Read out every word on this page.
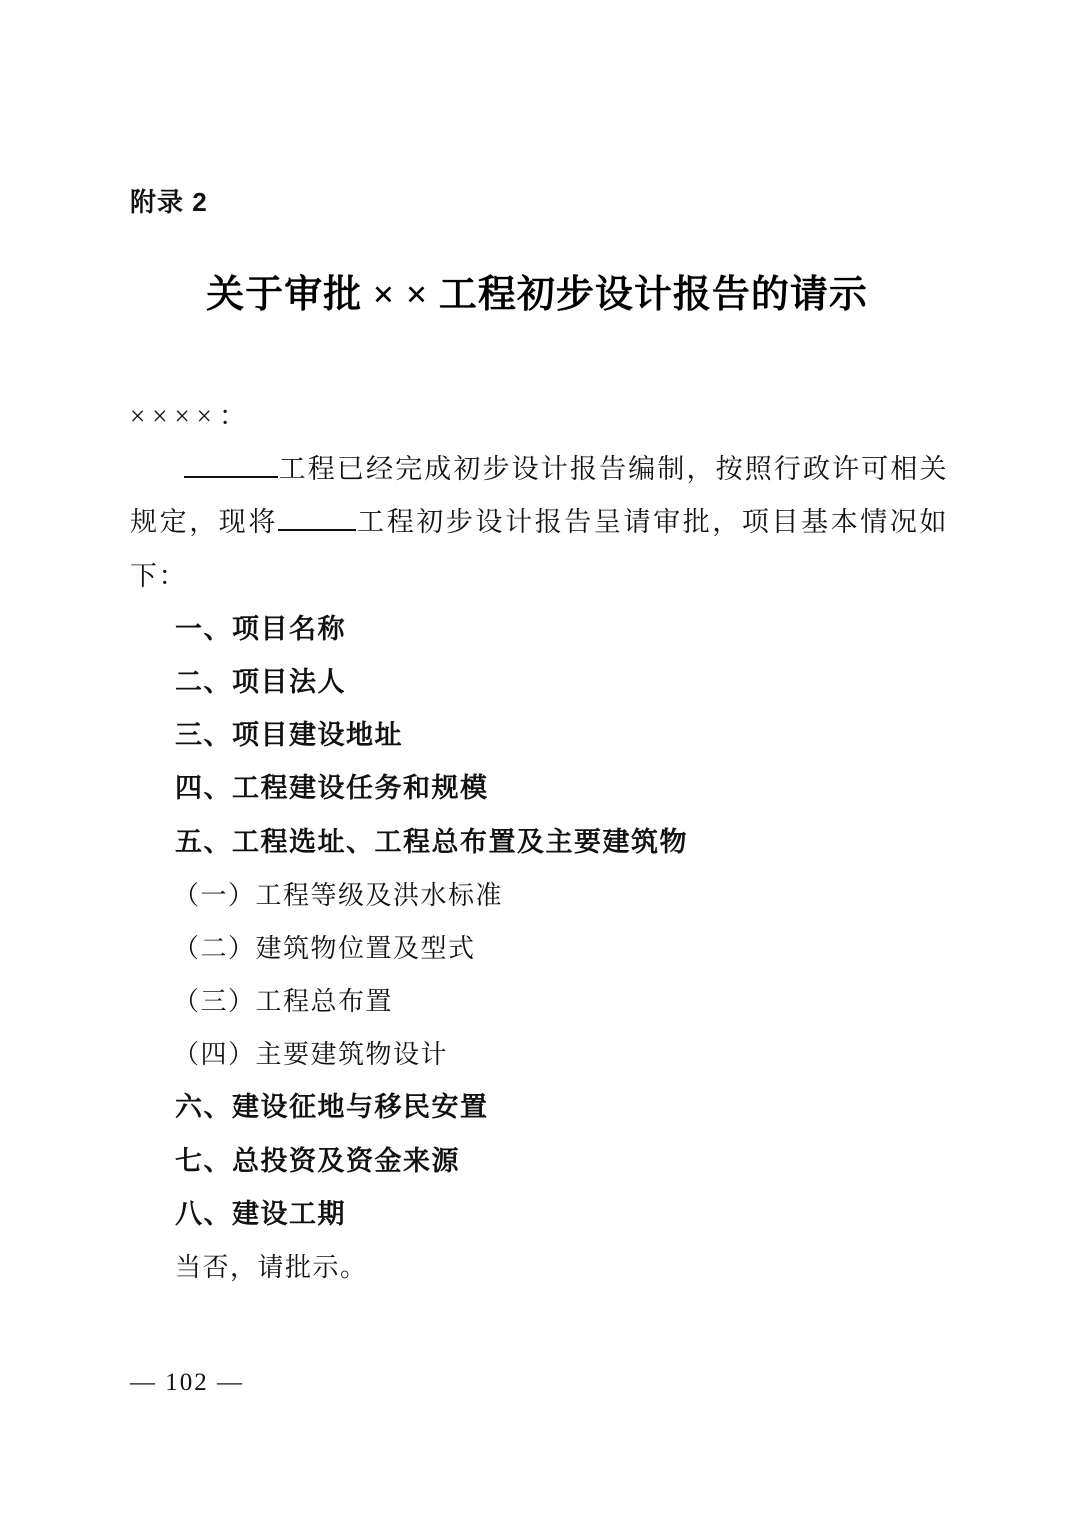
附录 2
关于审批 × × 工程初步设计报告的请示
××××：
工程已经完成初步设计报告编制，按照行政许可相关
规定，现将	工程初步设计报告呈请审批，项目基本情况如
下：
一、项目名称
二、项目法人
三、项目建设地址
四、工程建设任务和规模
五、工程选址、工程总布置及主要建筑物
（一）工程等级及洪水标准
（二）建筑物位置及型式
（三）工程总布置
（四）主要建筑物设计
六、建设征地与移民安置
七、总投资及资金来源
八、建设工期
当否，请批示。
— 102 —
